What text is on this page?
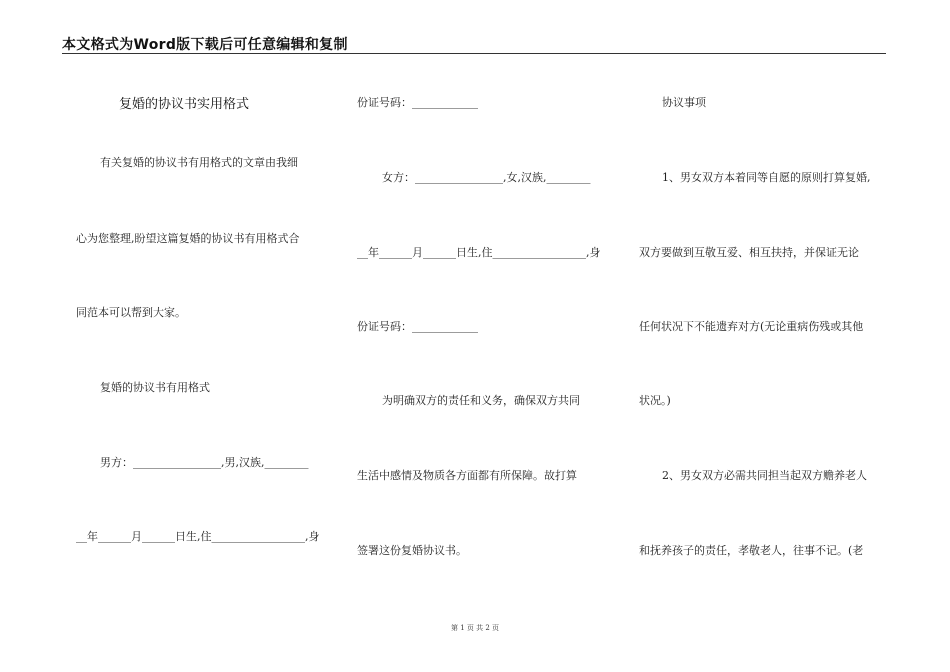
本文格式为Word版下载后可任意编辑和复制
复婚的协议书实用格式
有关复婚的协议书有用格式的文章由我细
心为您整理,盼望这篇复婚的协议书有用格式合
同范本可以帮到大家。
复婚的协议书有用格式
男方：________________,男,汉族,________
__年______月______日生,住_________________,身
份证号码：____________
女方：________________,女,汉族,________
__年______月______日生,住_________________,身
份证号码：____________
为明确双方的责任和义务，确保双方共同
生活中感情及物质各方面都有所保障。故打算
签署这份复婚协议书。
协议事项
1、男女双方本着同等自愿的原则打算复婚,
双方要做到互敬互爱、相互扶持，并保证无论
任何状况下不能遗弃对方(无论重病伤残或其他
状况。)
2、男女双方必需共同担当起双方赡养老人
和抚养孩子的责任，孝敬老人，往事不记。(老
第 1 页 共 2 页
